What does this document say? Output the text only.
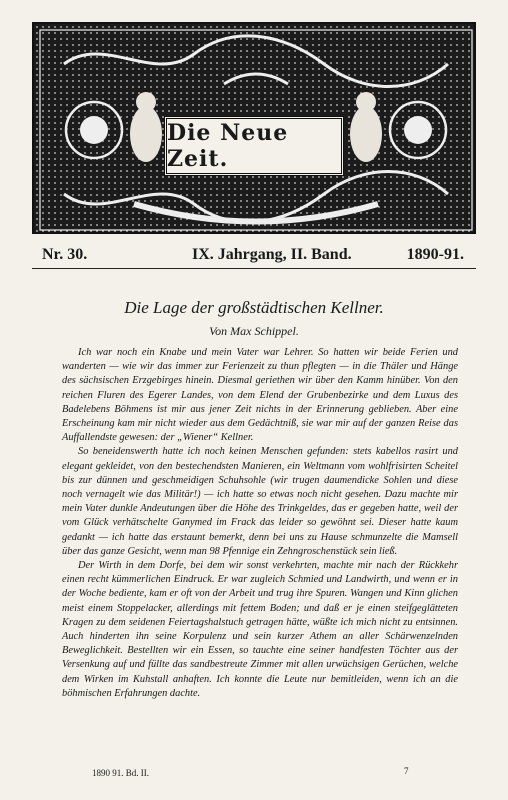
Die Neue Zeit.
Nr. 30.	IX. Jahrgang, II. Band.	1890-91.
Die Lage der großstädtischen Kellner.
Von Max Schippel.

Ich war noch ein Knabe und mein Vater war Lehrer. So hatten wir beide Ferien und wanderten — wie wir das immer zur Ferienzeit zu thun pflegten — in die Thäler und Hänge des sächsischen Erzgebirges hinein. Diesmal geriethen wir über den Kamm hinüber. Von den reichen Fluren des Egerer Landes, von dem Elend der Grubenbezirke und dem Luxus des Badelebens Böhmens ist mir aus jener Zeit nichts in der Erinnerung geblieben. Aber eine Erscheinung kam mir nicht wieder aus dem Gedächtniß, sie war mir auf der ganzen Reise das Auffallendste gewesen: der „Wiener“ Kellner.

So beneidenswerth hatte ich noch keinen Menschen gefunden: stets kabellos rasirt und elegant gekleidet, von den bestechendsten Manieren, ein Weltmann vom wohlfrisirten Scheitel bis zur dünnen und geschmeidigen Schuhsohle (wir trugen daumendicke Sohlen und diese noch vernagelt wie das Militär!) — ich hatte so etwas noch nicht gesehen. Dazu machte mir mein Vater dunkle Andeutungen über die Höhe des Trinkgeldes, das er gegeben hatte, weil der vom Glück verhätschelte Ganymed im Frack das leider so gewöhnt sei. Dieser hatte kaum gedankt — ich hatte das erstaunt bemerkt, denn bei uns zu Hause schmunzelte die Mamsell über das ganze Gesicht, wenn man 98 Pfennige ein Zehngroschenstück sein ließ.

Der Wirth in dem Dorfe, bei dem wir sonst verkehrten, machte mir nach der Rückkehr einen recht kümmerlichen Eindruck. Er war zugleich Schmied und Landwirth, und wenn er in der Woche bediente, kam er oft von der Arbeit und trug ihre Spuren. Wangen und Kinn glichen meist einem Stoppelacker, allerdings mit fettem Boden; und daß er je einen steifgeglätteten Kragen zu dem seidenen Feiertagshalstuch getragen hätte, wüßte ich mich nicht zu entsinnen. Auch hinderten ihn seine Korpulenz und sein kurzer Athem an aller Schärwenzelnden Beweglichkeit. Bestellten wir ein Essen, so tauchte eine seiner handfesten Töchter aus der Versenkung auf und füllte das sandbestreute Zimmer mit allen urwüchsigen Gerüchen, welche dem Wirken im Kuhstall anhaften. Ich konnte die Leute nur bemitleiden, wenn ich an die böhmischen Erfahrungen dachte.

1890 91. Bd. II.	7
